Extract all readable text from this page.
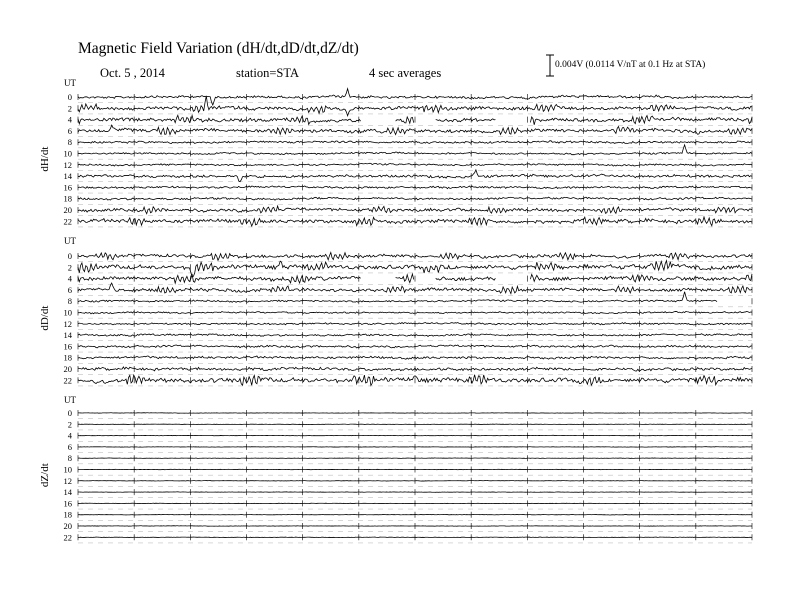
Magnetic Field Variation (dH/dt,dD/dt,dZ/dt)
Oct. 5 , 2014	station=STA	4 sec averages
0.004V (0.0114 V/nT at 0.1 Hz at STA)
UT
dH/dt
0
2
4
6
8
10
12
14
16
18
20
22
UT
dD/dt
0
2
4
6
8
10
12
14
16
18
20
22
UT
dZ/dt
0
2
4
6
8
10
12
14
16
18
20
22
